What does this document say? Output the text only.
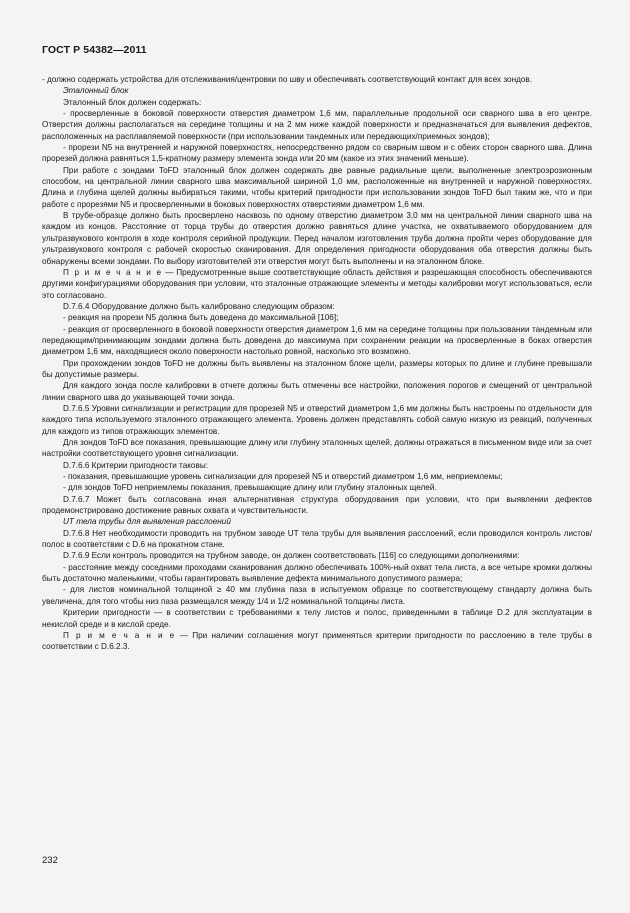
ГОСТ Р 54382—2011

- должно содержать устройства для отслеживания/центровки по шву и обеспечивать соответствующий контакт для всех зондов.

Эталонный блок

Эталонный блок должен содержать:

- просверленные в боковой поверхности отверстия диаметром 1,6 мм, параллельные продольной оси сварного шва в его центре. Отверстия должны располагаться на середине толщины и на 2 мм ниже каждой поверхности и предназначаться для выявления дефектов, расположенных на расплавляемой поверхности (при использовании тандемных или передающих/приемных зондов);

- прорези N5 на внутренней и наружной поверхностях, непосредственно рядом со сварным швом и с обеих сторон сварного шва. Длина прорезей должна равняться 1,5-кратному размеру элемента зонда или 20 мм (какое из этих значений меньше).

При работе с зондами ToFD эталонный блок должен содержать две равные радиальные щели, выполненные электроэрозионным способом, на центральной линии сварного шва максимальной шириной 1,0 мм, расположенные на внутренней и наружной поверхностях. Длина и глубина щелей должны выбираться такими, чтобы критерий пригодности при использовании зондов ToFD был таким же, что и при работе с прорезями N5 и просверленными в боковых поверхностях отверстиями диаметром 1,6 мм.

В трубе-образце должно быть просверлено насквозь по одному отверстию диаметром 3,0 мм на центральной линии сварного шва на каждом из концов. Расстояние от торца трубы до отверстия должно равняться длине участка, не охватываемого оборудованием для ультразвукового контроля в ходе контроля серийной продукции. Перед началом изготовления труба должна пройти через оборудование для ультразвукового контроля с рабочей скоростью сканирования. Для определения пригодности оборудования оба отверстия должны быть обнаружены всеми зондами. По выбору изготовителей эти отверстия могут быть выполнены и на эталонном блоке.

П р и м е ч а н и е — Предусмотренные выше соответствующие область действия и разрешающая способность обеспечиваются другими конфигурациями оборудования при условии, что эталонные отражающие элементы и методы калибровки могут использоваться, если это согласовано.

D.7.6.4 Оборудование должно быть калибровано следующим образом:

- реакция на прорези N5 должна быть доведена до максимальной [106];

- реакция от просверленного в боковой поверхности отверстия диаметром 1,6 мм на середине толщины при пользовании тандемным или передающим/принимающим зондами должна быть доведена до максимума при сохранении реакции на просверленные в боках отверстия диаметром 1,6 мм, находящиеся около поверхности настолько ровной, насколько это возможно.

При прохождении зондов ToFD не должны быть выявлены на эталонном блоке щели, размеры которых по длине и глубине превышали бы допустимые размеры.

Для каждого зонда после калибровки в отчете должны быть отмечены все настройки, положения порогов и смещений от центральной линии сварного шва до указывающей точки зонда.

D.7.6.5 Уровни сигнализации и регистрации для прорезей N5 и отверстий диаметром 1,6 мм должны быть настроены по отдельности для каждого типа используемого эталонного отражающего элемента. Уровень должен представлять собой самую низкую из реакций, полученных для каждого из типов отражающих элементов.

Для зондов ToFD все показания, превышающие длину или глубину эталонных щелей, должны отражаться в письменном виде или за счет настройки соответствующего уровня сигнализации.

D.7.6.6 Критерии пригодности таковы:

- показания, превышающие уровень сигнализации для прорезей N5 и отверстий диаметром 1,6 мм, неприемлемы;

- для зондов ToFD неприемлемы показания, превышающие длину или глубину эталонных щелей.

D.7.6.7 Может быть согласована иная альтернативная структура оборудования при условии, что при выявлении дефектов продемонстрировано достижение равных охвата и чувствительности.

UT тела трубы для выявления расслоений

D.7.6.8 Нет необходимости проводить на трубном заводе UT тела трубы для выявления расслоений, если проводился контроль листов/полос в соответствии с D.6 на прокатном стане.

D.7.6.9 Если контроль проводится на трубном заводе, он должен соответствовать [116] со следующими дополнениями:

- расстояние между соседними проходами сканирования должно обеспечивать 100%-ный охват тела листа, а все четыре кромки должны быть достаточно маленькими, чтобы гарантировать выявление дефекта минимального допустимого размера;

- для листов номинальной толщиной ≥ 40 мм глубина паза в испытуемом образце по соответствующему стандарту должна быть увеличена, для того чтобы низ паза размещался между 1/4 и 1/2 номинальной толщины листа.

Критерии пригодности — в соответствии с требованиями к телу листов и полос, приведенными в таблице D.2 для эксплуатации в некислой среде и в кислой среде.

П р и м е ч а н и е — При наличии соглашения могут применяться критерии пригодности по расслоению в теле трубы в соответствии с D.6.2.3.

232
